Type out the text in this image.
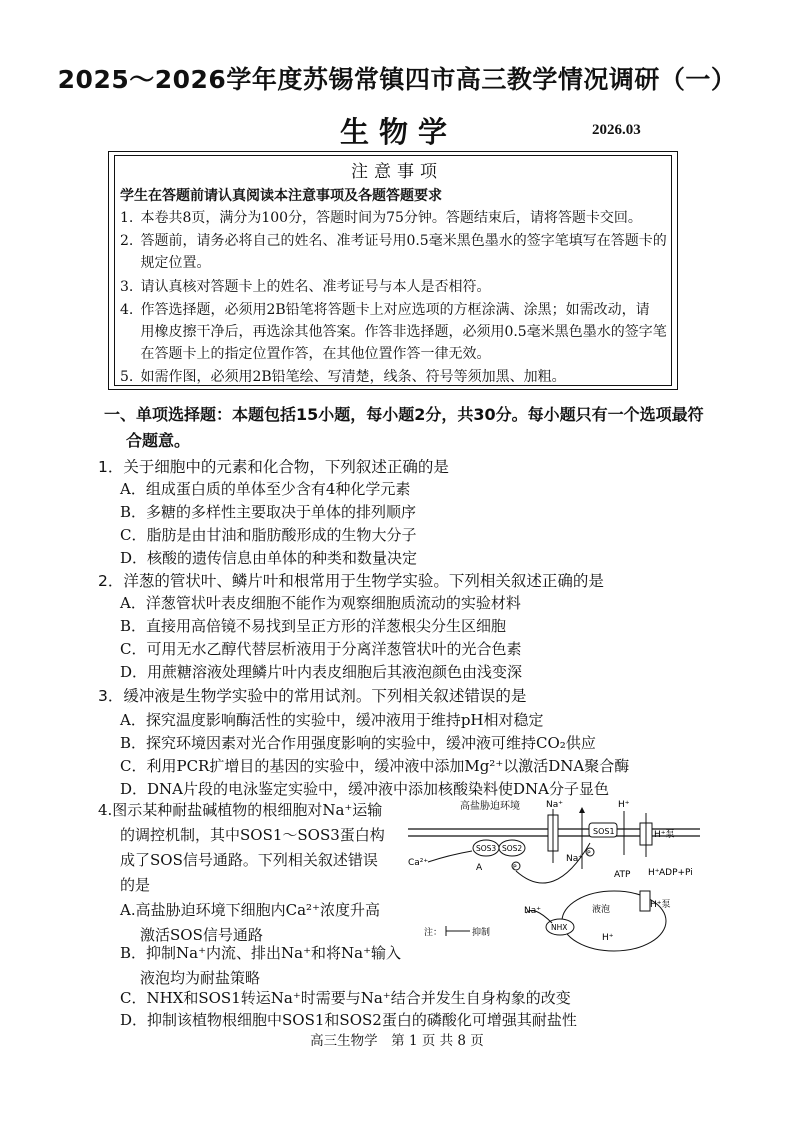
2025～2026学年度苏锡常镇四市高三教学情况调研（一）
生物学	2026.03
注意事项
学生在答题前请认真阅读本注意事项及各题答题要求
1. 本卷共8页，满分为100分，答题时间为75分钟。答题结束后，请将答题卡交回。
2. 答题前，请务必将自己的姓名、准考证号用0.5毫米黑色墨水的签字笔填写在答题卡的
规定位置。
3. 请认真核对答题卡上的姓名、准考证号与本人是否相符。
4. 作答选择题，必须用2B铅笔将答题卡上对应选项的方框涂满、涂黑；如需改动，请
用橡皮擦干净后，再选涂其他答案。作答非选择题，必须用0.5毫米黑色墨水的签字笔
在答题卡上的指定位置作答，在其他位置作答一律无效。
5. 如需作图，必须用2B铅笔绘、写清楚，线条、符号等须加黑、加粗。
一、单项选择题：本题包括15小题，每小题2分，共30分。每小题只有一个选项最符
合题意。
1．关于细胞中的元素和化合物，下列叙述正确的是
A．组成蛋白质的单体至少含有4种化学元素
B．多糖的多样性主要取决于单体的排列顺序
C．脂肪是由甘油和脂肪酸形成的生物大分子
D．核酸的遗传信息由单体的种类和数量决定
2．洋葱的管状叶、鳞片叶和根常用于生物学实验。下列相关叙述正确的是
A．洋葱管状叶表皮细胞不能作为观察细胞质流动的实验材料
B．直接用高倍镜不易找到呈正方形的洋葱根尖分生区细胞
C．可用无水乙醇代替层析液用于分离洋葱管状叶的光合色素
D．用蔗糖溶液处理鳞片叶内表皮细胞后其液泡颜色由浅变深
3．缓冲液是生物学实验中的常用试剂。下列相关叙述错误的是
A．探究温度影响酶活性的实验中，缓冲液用于维持pH相对稳定
B．探究环境因素对光合作用强度影响的实验中，缓冲液可维持CO₂供应
C．利用PCR扩增目的基因的实验中，缓冲液中添加Mg²⁺以激活DNA聚合酶
D．DNA片段的电泳鉴定实验中，缓冲液中添加核酸染料使DNA分子显色
4.图示某种耐盐碱植物的根细胞对Na⁺运输
的调控机制，其中SOS1～SOS3蛋白构
成了SOS信号通路。下列相关叙述错误
的是
A.高盐胁迫环境下细胞内Ca²⁺浓度升高
激活SOS信号通路
B．抑制Na⁺内流、排出Na⁺和将Na⁺输入
液泡均为耐盐策略
C．NHX和SOS1转运Na⁺时需要与Na⁺结合并发生自身构象的改变
D．抑制该植物根细胞中SOS1和SOS2蛋白的磷酸化可增强其耐盐性
高盐胁迫环境	Na⁺
SOS1
H⁺
SOS3 SOS2
P
A
Ca²⁺	Na⁺
P
H⁺泵
H⁺
ATP	ADP+Pi
液泡
NHX
Na⁺
H⁺
H⁺泵
注：	抑制
高三生物学　第 1 页 共 8 页
